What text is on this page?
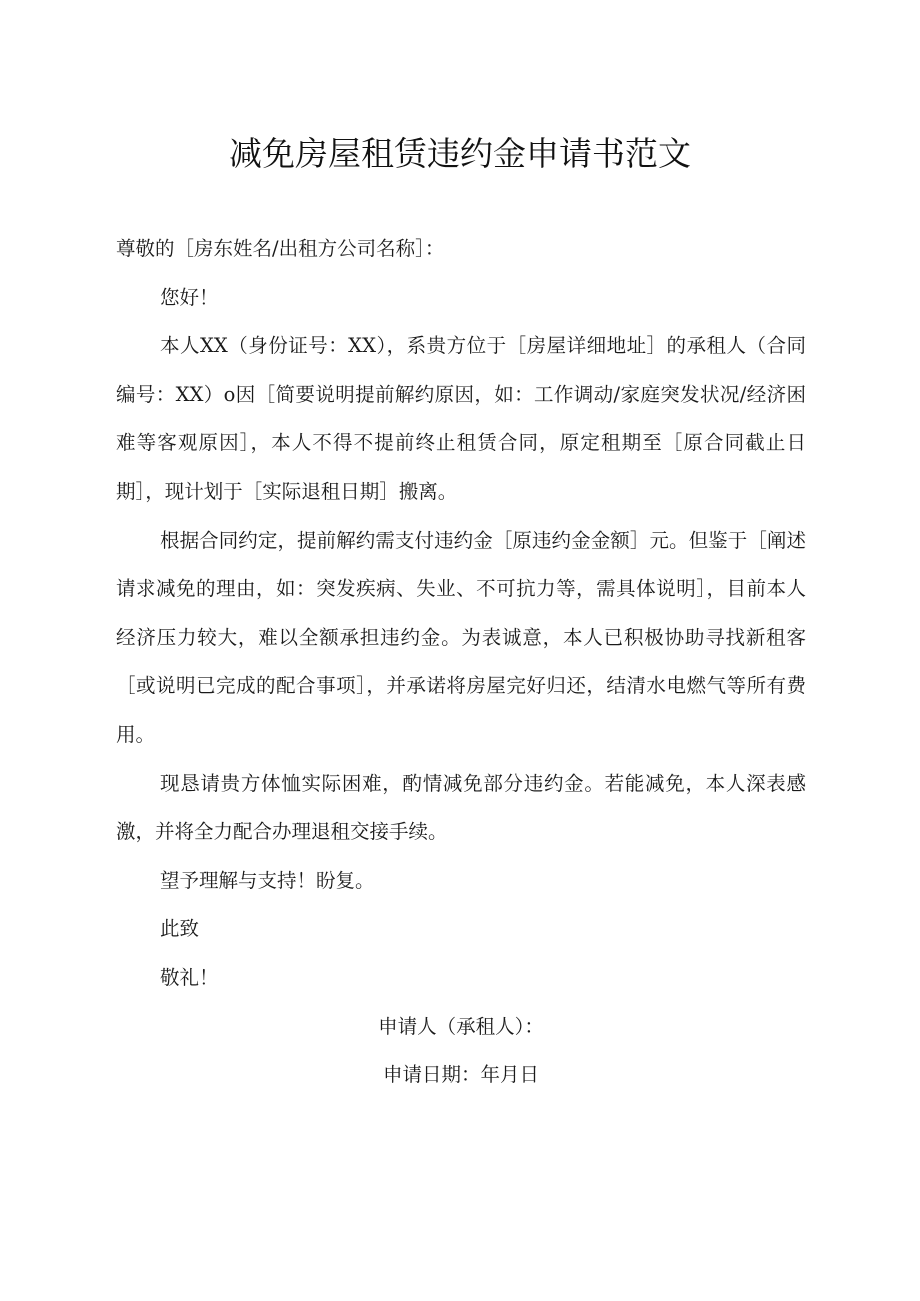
减免房屋租赁违约金申请书范文

尊敬的［房东姓名/出租方公司名称］：

您好！

本人XX（身份证号：XX），系贵方位于［房屋详细地址］的承租人（合同编号：XX）o因［简要说明提前解约原因，如：工作调动/家庭突发状况/经济困难等客观原因］，本人不得不提前终止租赁合同，原定租期至［原合同截止日期］，现计划于［实际退租日期］搬离。

根据合同约定，提前解约需支付违约金［原违约金金额］元。但鉴于［阐述请求减免的理由，如：突发疾病、失业、不可抗力等，需具体说明］，目前本人经济压力较大，难以全额承担违约金。为表诚意，本人已积极协助寻找新租客［或说明已完成的配合事项］，并承诺将房屋完好归还，结清水电燃气等所有费用。

现恳请贵方体恤实际困难，酌情减免部分违约金。若能减免，本人深表感激，并将全力配合办理退租交接手续。

望予理解与支持！盼复。

此致

敬礼！

申请人（承租人）：

申请日期：年月日
